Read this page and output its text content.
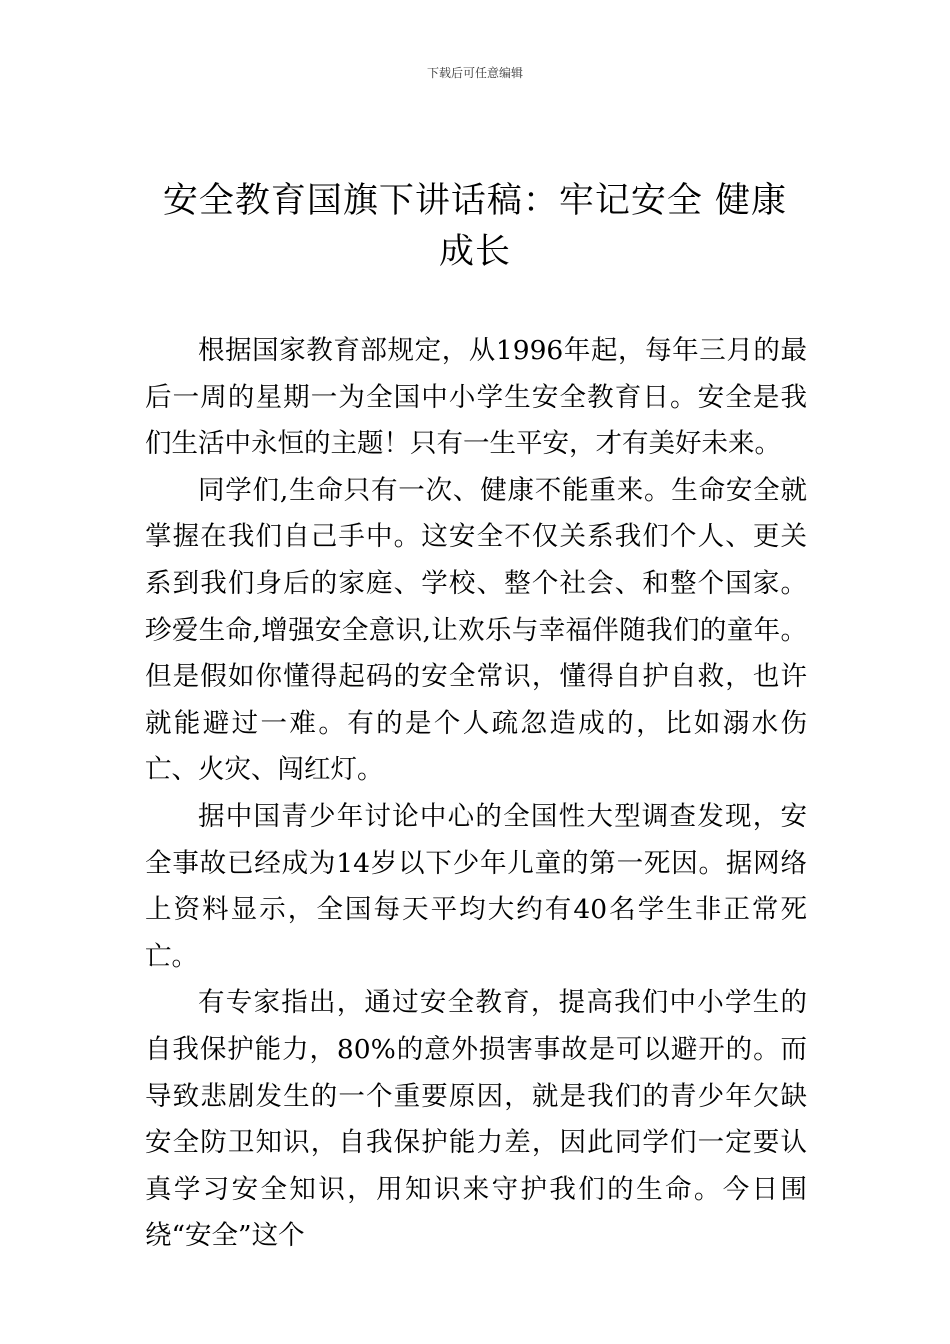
下载后可任意编辑
安全教育国旗下讲话稿：牢记安全 健康成长

根据国家教育部规定，从1996年起，每年三月的最后一周的星期一为全国中小学生安全教育日。安全是我们生活中永恒的主题！只有一生平安，才有美好未来。

同学们,生命只有一次、健康不能重来。生命安全就掌握在我们自己手中。这安全不仅关系我们个人、更关系到我们身后的家庭、学校、整个社会、和整个国家。珍爱生命,增强安全意识,让欢乐与幸福伴随我们的童年。但是假如你懂得起码的安全常识，懂得自护自救，也许就能避过一难。有的是个人疏忽造成的，比如溺水伤亡、火灾、闯红灯。

据中国青少年讨论中心的全国性大型调查发现，安全事故已经成为14岁以下少年儿童的第一死因。据网络上资料显示，全国每天平均大约有40名学生非正常死亡。

有专家指出，通过安全教育，提高我们中小学生的自我保护能力，80%的意外损害事故是可以避开的。而导致悲剧发生的一个重要原因，就是我们的青少年欠缺安全防卫知识，自我保护能力差，因此同学们一定要认真学习安全知识，用知识来守护我们的生命。今日围绕“安全”这个
